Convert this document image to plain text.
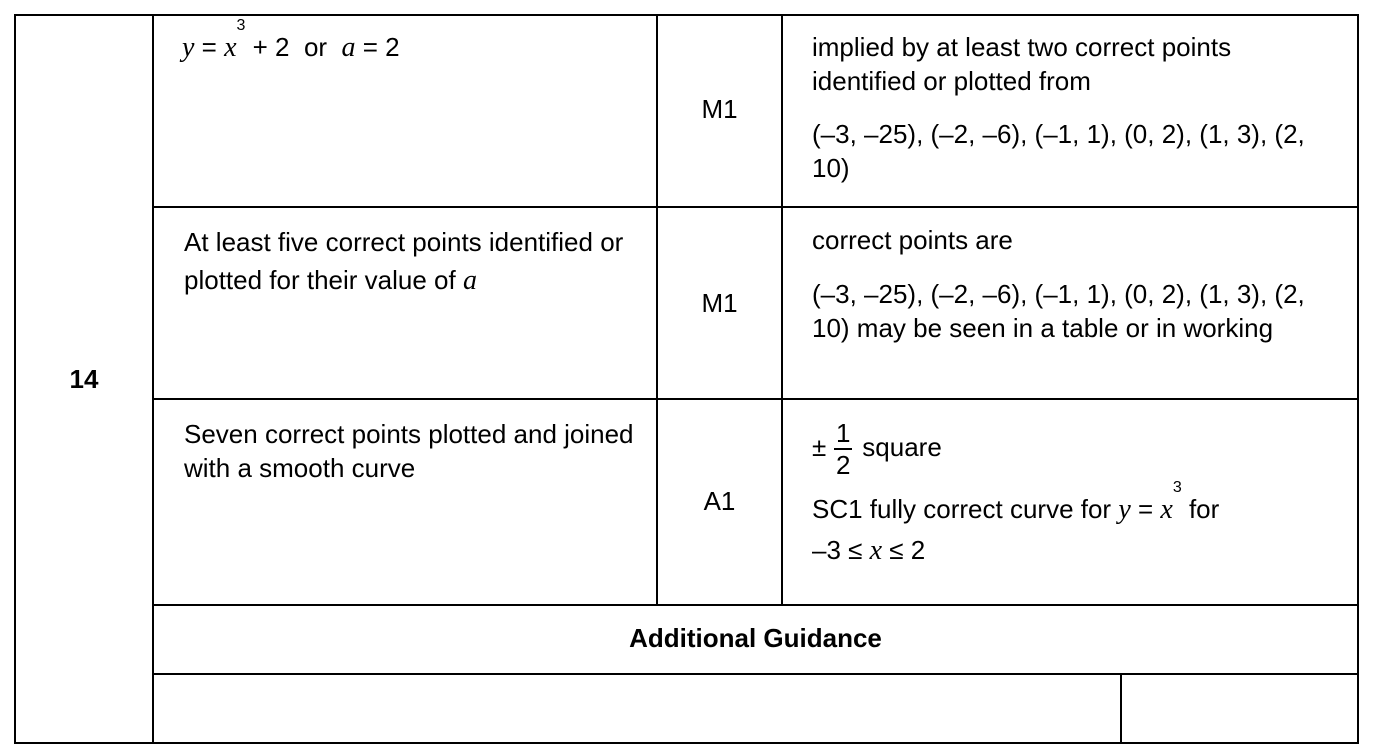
14
$y = x^3 + 2$  or  a = 2
M1

implied by at least two correct points identified or plotted from

(–3, –25), (–2, –6), (–1, 1), (0, 2), (1, 3), (2, 10)

At least five correct points identified or plotted for their value of a
M1

correct points are

(–3, –25), (–2, –6), (–1, 1), (0, 2), (1, 3), (2, 10) may be seen in a table or in working

Seven correct points plotted and joined with a smooth curve
A1

± $\frac{1}{2}$ square

SC1 fully correct curve for $y = x^3$ for

–3 ≤ x ≤ 2

Additional Guidance
